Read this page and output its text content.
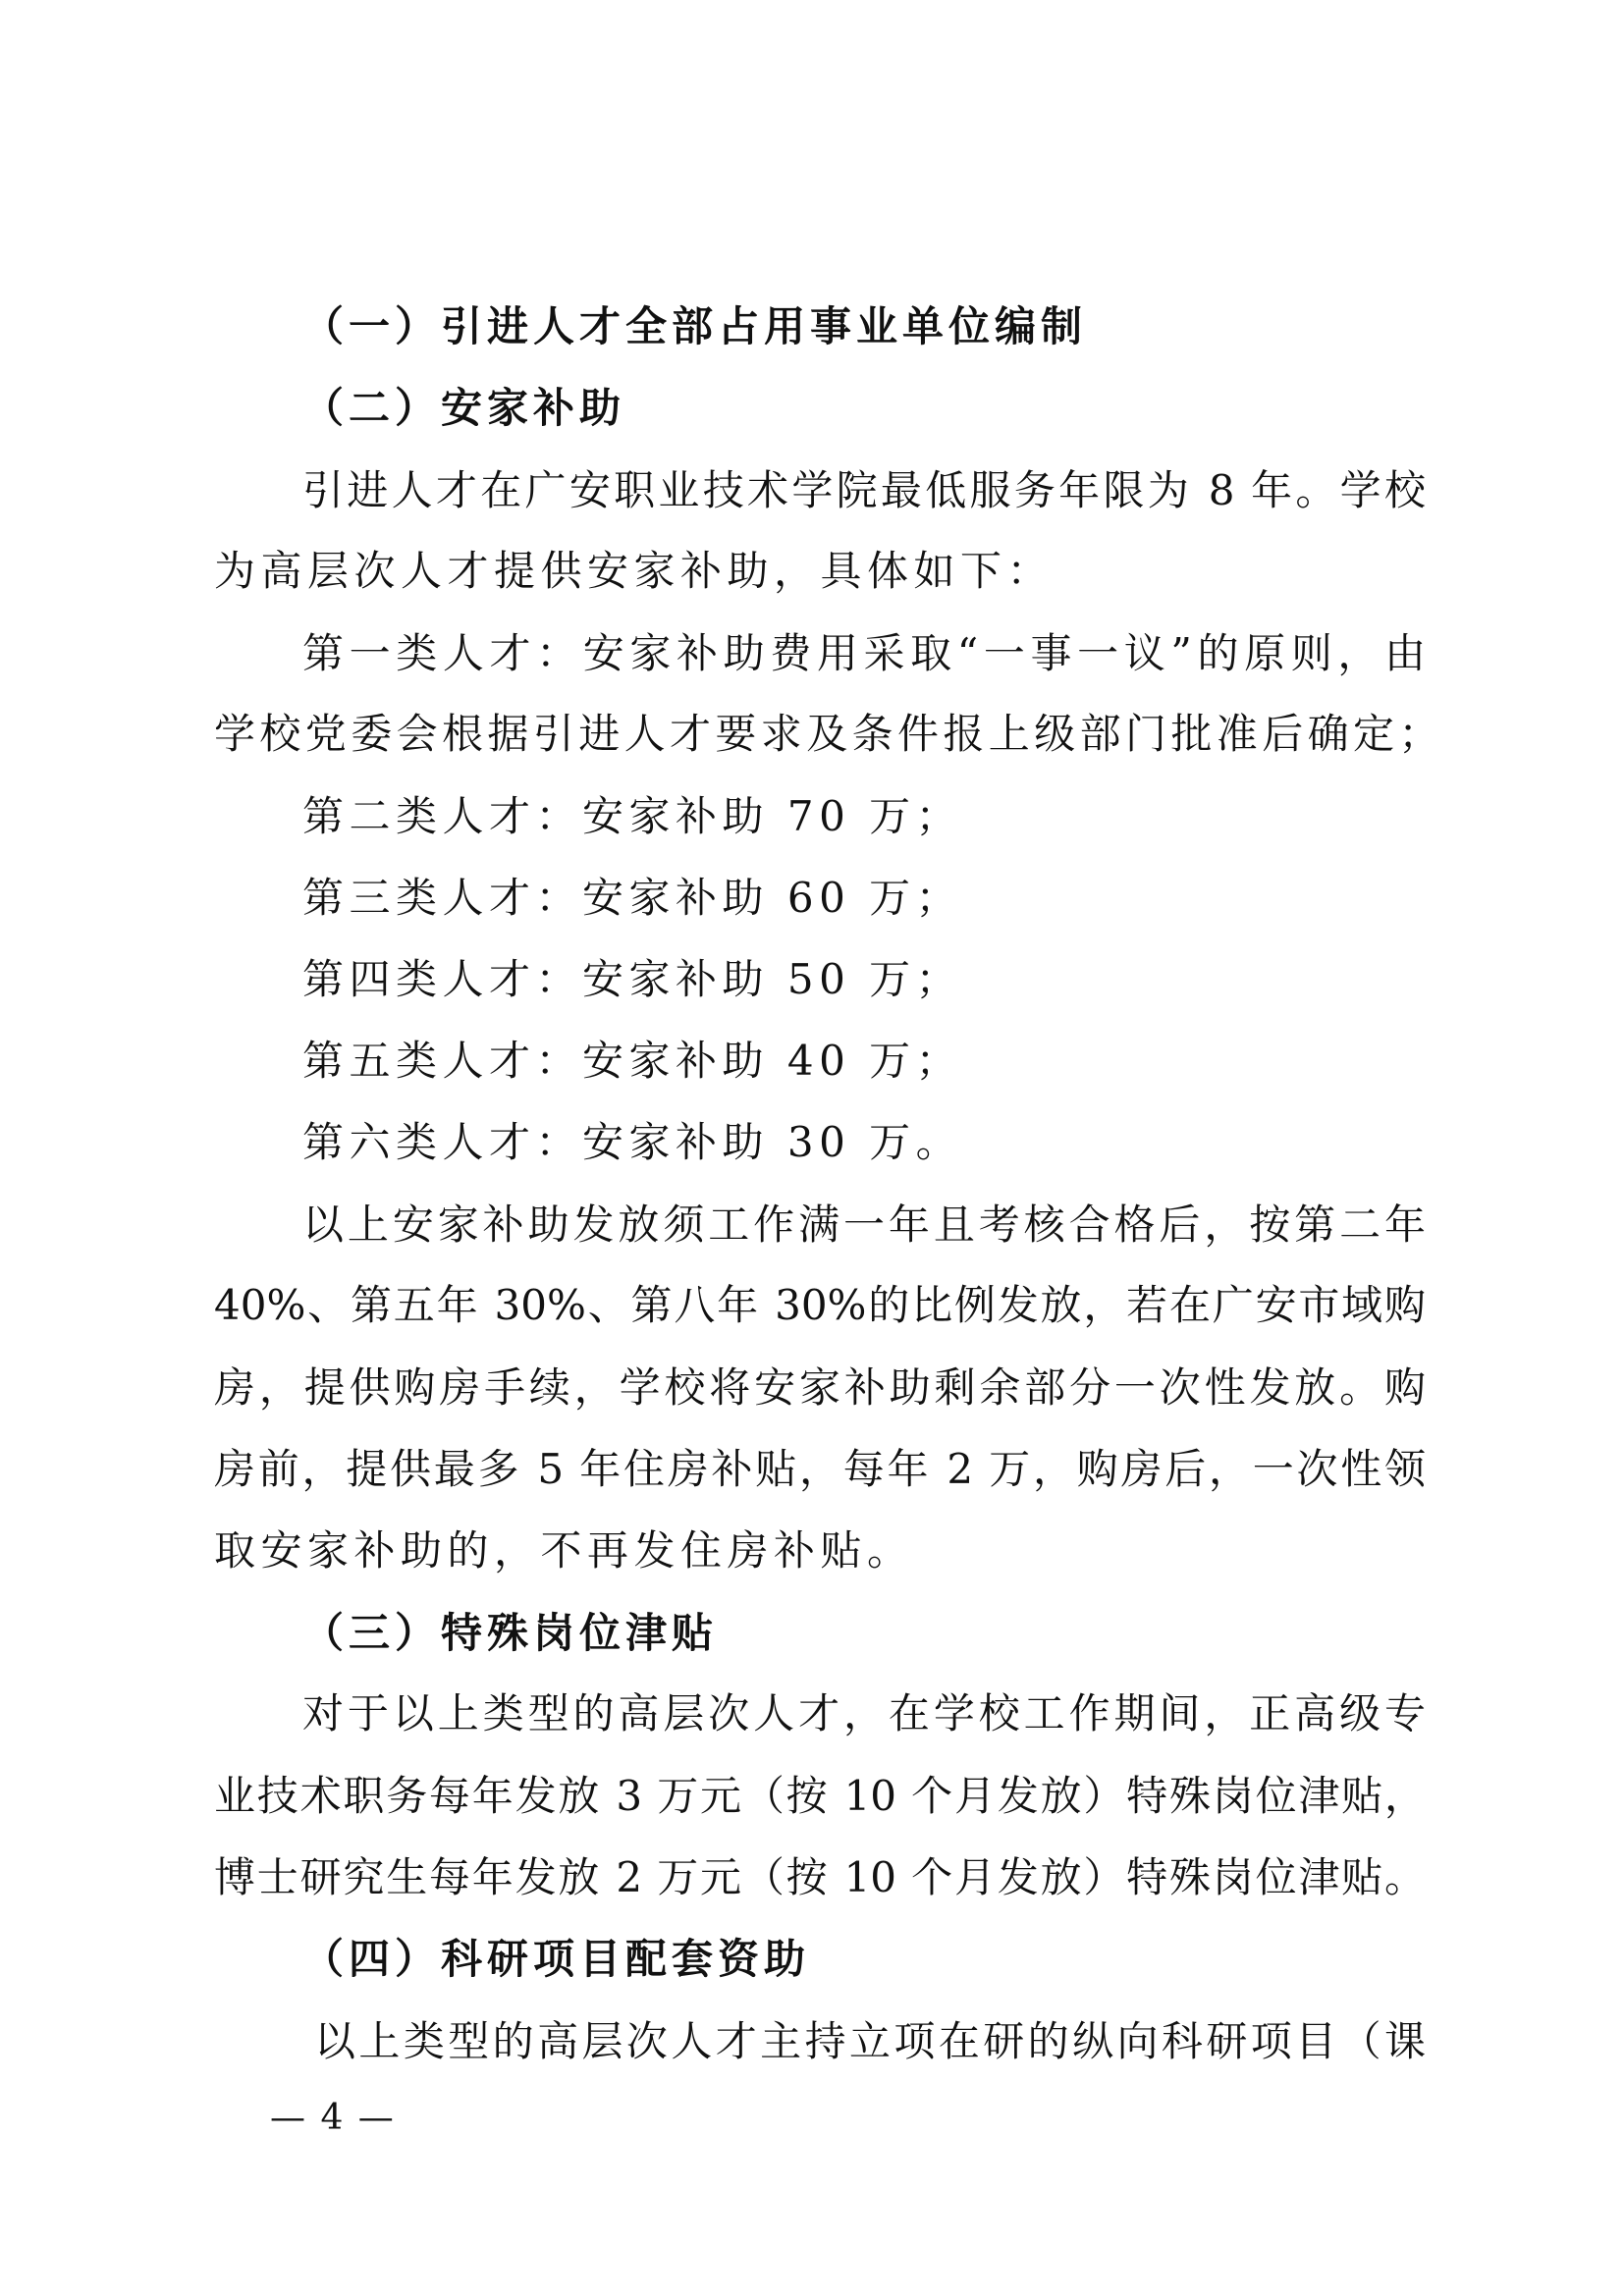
（一）引进人才全部占用事业单位编制
（二）安家补助
引进人才在广安职业技术学院最低服务年限为 8 年。学校
为高层次人才提供安家补助，具体如下：
第一类人才：安家补助费用采取“一事一议”的原则，由
学校党委会根据引进人才要求及条件报上级部门批准后确定；
第二类人才：安家补助 70 万；
第三类人才：安家补助 60 万；
第四类人才：安家补助 50 万；
第五类人才：安家补助 40 万；
第六类人才：安家补助 30 万。
以上安家补助发放须工作满一年且考核合格后，按第二年
40%、第五年 30%、第八年 30%的比例发放，若在广安市域购
房，提供购房手续，学校将安家补助剩余部分一次性发放。购
房前，提供最多 5 年住房补贴，每年 2 万，购房后，一次性领
取安家补助的，不再发住房补贴。
（三）特殊岗位津贴
对于以上类型的高层次人才，在学校工作期间，正高级专
业技术职务每年发放 3 万元（按 10 个月发放）特殊岗位津贴，
博士研究生每年发放 2 万元（按 10 个月发放）特殊岗位津贴。
（四）科研项目配套资助
以上类型的高层次人才主持立项在研的纵向科研项目（课
— 4 —
